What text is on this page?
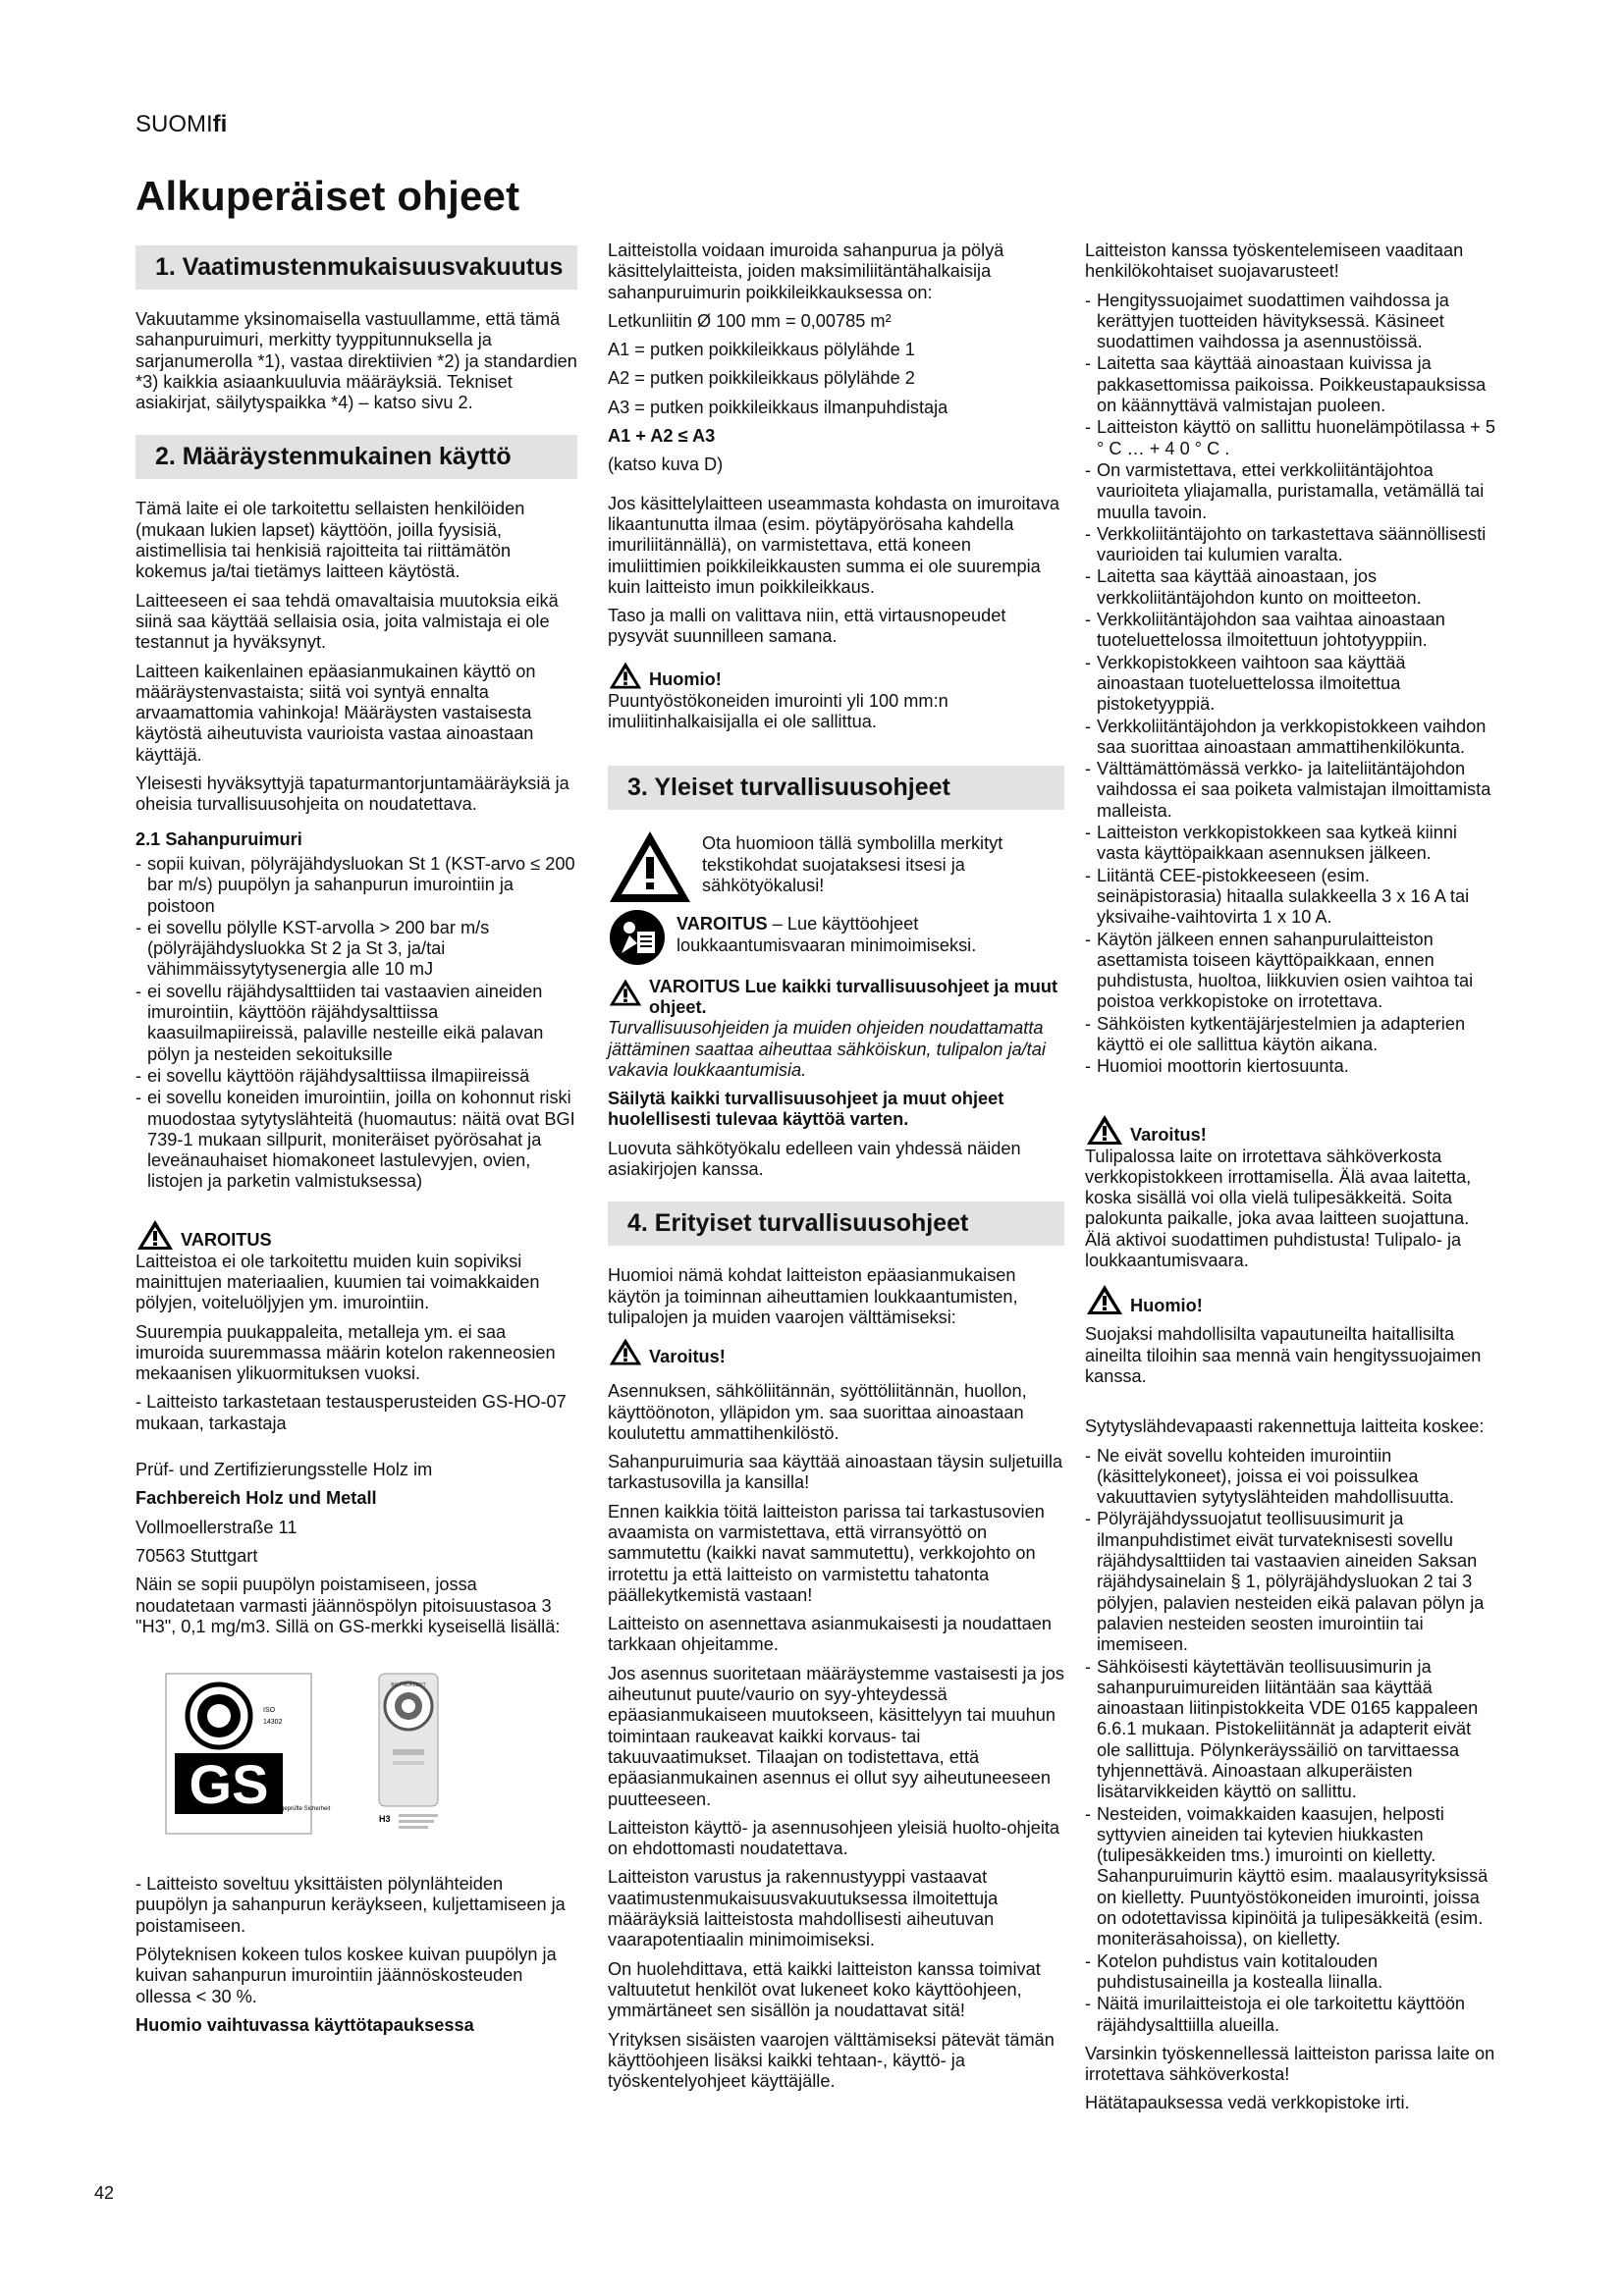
SUOMIfi
Alkuperäiset ohjeet
1. Vaatimustenmukaisuusvakuutus

Vakuutamme yksinomaisella vastuullamme, että tämä sahanpuruimuri, merkitty tyyppitunnuksella ja sarjanumerolla *1), vastaa direktiivien *2) ja standardien *3) kaikkia asiaankuuluvia määräyksiä. Tekniset asiakirjat, säilytyspaikka *4) – katso sivu 2.

2. Määräystenmukainen käyttö

Tämä laite ei ole tarkoitettu sellaisten henkilöiden (mukaan lukien lapset) käyttöön, joilla fyysisiä, aistimellisia tai henkisiä rajoitteita tai riittämätön kokemus ja/tai tietämys laitteen käytöstä.

Laitteeseen ei saa tehdä omavaltaisia muutoksia eikä siinä saa käyttää sellaisia osia, joita valmistaja ei ole testannut ja hyväksynyt.

Laitteen kaikenlainen epäasianmukainen käyttö on määräystenvastaista; siitä voi syntyä ennalta arvaamattomia vahinkoja! Määräysten vastaisesta käytöstä aiheutuvista vaurioista vastaa ainoastaan käyttäjä.

Yleisesti hyväksyttyjä tapaturmantorjuntamääräyksiä ja oheisia turvallisuusohjeita on noudatettava.

2.1 Sahanpuruimuri
- sopii kuivan, pölyräjähdysluokan St 1 (KST-arvo ≤ 200 bar m/s) puupölyn ja sahanpurun imurointiin ja poistoon
- ei sovellu pölylle KST-arvolla > 200 bar m/s (pölyräjähdysluokka St 2 ja St 3, ja/tai vähimmäissytytysenergia alle 10 mJ
- ei sovellu räjähdysalttiiden tai vastaavien aineiden imurointiin, käyttöön räjähdysalttiissa kaasuilmapiireissä, palaville nesteille eikä palavan pölyn ja nesteiden sekoituksille
- ei sovellu käyttöön räjähdysalttiissa ilmapiireissä
- ei sovellu koneiden imurointiin, joilla on kohonnut riski muodostaa sytytyslähteitä (huomautus: näitä ovat BGI 739-1 mukaan sillpurit, moniteräiset pyörösahat ja leveänauhaiset hiomakoneet lastulevyjen, ovien, listojen ja parketin valmistuksessa)
VAROITUS

Laitteistoa ei ole tarkoitettu muiden kuin sopiviksi mainittujen materiaalien, kuumien tai voimakkaiden pölyjen, voiteluöljyjen ym. imurointiin.

Suurempia puukappaleita, metalleja ym. ei saa imuroida suuremmassa määrin kotelon rakenneosien mekaanisen ylikuormituksen vuoksi.

- Laitteisto tarkastetaan testausperusteiden GS-HO-07 mukaan, tarkastaja

Prüf- und Zertifizierungsstelle Holz im

Fachbereich Holz und Metall

Vollmoellerstraße 11

70563 Stuttgart

Näin se sopii puupölyn poistamiseen, jossa noudatetaan varmasti jäännöspölyn pitoisuustasoa 3 "H3", 0,1 mg/m3. Sillä on GS-merkki kyseisellä lisällä:

GS
ISO
14302
geprüfte Sicherheit
BG-PRÜFZERT
H3

- Laitteisto soveltuu yksittäisten pölynlähteiden puupölyn ja sahanpurun keräykseen, kuljettamiseen ja poistamiseen.

Pölyteknisen kokeen tulos koskee kuivan puupölyn ja kuivan sahanpurun imurointiin jäännöskosteuden ollessa < 30 %.

Huomio vaihtuvassa käyttötapauksessa

Laitteistolla voidaan imuroida sahanpurua ja pölyä käsittelylaitteista, joiden maksimiliitäntähalkaisija sahanpuruimurin poikkileikkauksessa on:

Letkunliitin Ø 100 mm = 0,00785 m²

A1 = putken poikkileikkaus pölylähde 1

A2 = putken poikkileikkaus pölylähde 2

A3 = putken poikkileikkaus ilmanpuhdistaja

A1 + A2 ≤ A3

(katso kuva D)

Jos käsittelylaitteen useammasta kohdasta on imuroitava likaantunutta ilmaa (esim. pöytäpyörösaha kahdella imuriliitännällä), on varmistettava, että koneen imuliittimien poikkileikkausten summa ei ole suurempia kuin laitteisto imun poikkileikkaus.

Taso ja malli on valittava niin, että virtausnopeudet pysyvät suunnilleen samana.

Huomio!

Puuntyöstökoneiden imurointi yli 100 mm:n imuliitinhalkaisijalla ei ole sallittua.

3. Yleiset turvallisuusohjeet

Ota huomioon tällä symbolilla merkityt tekstikohdat suojataksesi itsesi ja sähkötyökalusi!

VAROITUS – Lue käyttöohjeet loukkaantumisvaaran minimoimiseksi.

VAROITUS Lue kaikki turvallisuusohjeet ja muut ohjeet.

Turvallisuusohjeiden ja muiden ohjeiden noudattamatta jättäminen saattaa aiheuttaa sähköiskun, tulipalon ja/tai vakavia loukkaantumisia.

Säilytä kaikki turvallisuusohjeet ja muut ohjeet huolellisesti tulevaa käyttöä varten.

Luovuta sähkötyökalu edelleen vain yhdessä näiden asiakirjojen kanssa.

4. Erityiset turvallisuusohjeet

Huomioi nämä kohdat laitteiston epäasianmukaisen käytön ja toiminnan aiheuttamien loukkaantumisten, tulipalojen ja muiden vaarojen välttämiseksi:

Varoitus!

Asennuksen, sähköliitännän, syöttöliitännän, huollon, käyttöönoton, ylläpidon ym. saa suorittaa ainoastaan koulutettu ammattihenkilöstö.

Sahanpuruimuria saa käyttää ainoastaan täysin suljetuilla tarkastusovilla ja kansilla!

Ennen kaikkia töitä laitteiston parissa tai tarkastusovien avaamista on varmistettava, että virransyöttö on sammutettu (kaikki navat sammutettu), verkkojohto on irrotettu ja että laitteisto on varmistettu tahatonta päällekytkemistä vastaan!

Laitteisto on asennettava asianmukaisesti ja noudattaen tarkkaan ohjeitamme.

Jos asennus suoritetaan määräystemme vastaisesti ja jos aiheutunut puute/vaurio on syy-yhteydessä epäasianmukaiseen muutokseen, käsittelyyn tai muuhun toimintaan raukeavat kaikki korvaus- tai takuuvaatimukset. Tilaajan on todistettava, että epäasianmukainen asennus ei ollut syy aiheutuneeseen puutteeseen.

Laitteiston käyttö- ja asennusohjeen yleisiä huolto-ohjeita on ehdottomasti noudatettava.

Laitteiston varustus ja rakennustyyppi vastaavat vaatimustenmukaisuusvakuutuksessa ilmoitettuja määräyksiä laitteistosta mahdollisesti aiheutuvan vaarapotentiaalin minimoimiseksi.

On huolehdittava, että kaikki laitteiston kanssa toimivat valtuutetut henkilöt ovat lukeneet koko käyttöohjeen, ymmärtäneet sen sisällön ja noudattavat sitä!

Yrityksen sisäisten vaarojen välttämiseksi pätevät tämän käyttöohjeen lisäksi kaikki tehtaan-, käyttö- ja työskentelyohjeet käyttäjälle.

Laitteiston kanssa työskentelemiseen vaaditaan henkilökohtaiset suojavarusteet!

- Hengityssuojaimet suodattimen vaihdossa ja kerättyjen tuotteiden hävityksessä. Käsineet suodattimen vaihdossa ja asennustöissä.
- Laitetta saa käyttää ainoastaan kuivissa ja pakkasettomissa paikoissa. Poikkeustapauksissa on käännyttävä valmistajan puoleen.
- Laitteiston käyttö on sallittu huonelämpötilassa + 5 ° C … + 4 0 ° C .
- On varmistettava, ettei verkkoliitäntäjohtoa vaurioiteta yliajamalla, puristamalla, vetämällä tai muulla tavoin.
- Verkkoliitäntäjohto on tarkastettava säännöllisesti vaurioiden tai kulumien varalta.
- Laitetta saa käyttää ainoastaan, jos verkkoliitäntäjohdon kunto on moitteeton.
- Verkkoliitäntäjohdon saa vaihtaa ainoastaan tuoteluettelossa ilmoitettuun johtotyyppiin.
- Verkkopistokkeen vaihtoon saa käyttää ainoastaan tuoteluettelossa ilmoitettua pistoketyyppiä.
- Verkkoliitäntäjohdon ja verkkopistokkeen vaihdon saa suorittaa ainoastaan ammattihenkilökunta.
- Välttämättömässä verkko- ja laiteliitäntäjohdon vaihdossa ei saa poiketa valmistajan ilmoittamista malleista.
- Laitteiston verkkopistokkeen saa kytkeä kiinni vasta käyttöpaikkaan asennuksen jälkeen.
- Liitäntä CEE-pistokkeeseen (esim. seinäpistorasia) hitaalla sulakkeella 3 x 16 A tai yksivaihe-vaihtovirta 1 x 10 A.
- Käytön jälkeen ennen sahanpurulaitteiston asettamista toiseen käyttöpaikkaan, ennen puhdistusta, huoltoa, liikkuvien osien vaihtoa tai poistoa verkkopistoke on irrotettava.
- Sähköisten kytkentäjärjestelmien ja adapterien käyttö ei ole sallittua käytön aikana.
- Huomioi moottorin kiertosuunta.
Varoitus!

Tulipalossa laite on irrotettava sähköverkosta verkkopistokkeen irrottamisella. Älä avaa laitetta, koska sisällä voi olla vielä tulipesäkkeitä. Soita palokunta paikalle, joka avaa laitteen suojattuna. Älä aktivoi suodattimen puhdistusta! Tulipalo- ja loukkaantumisvaara.

Huomio!

Suojaksi mahdollisilta vapautuneilta haitallisilta aineilta tiloihin saa mennä vain hengityssuojaimen kanssa.

Sytytyslähdevapaasti rakennettuja laitteita koskee:

- Ne eivät sovellu kohteiden imurointiin (käsittelykoneet), joissa ei voi poissulkea vakuuttavien sytytyslähteiden mahdollisuutta.
- Pölyräjähdyssuojatut teollisuusimurit ja ilmanpuhdistimet eivät turvateknisesti sovellu räjähdysalttiiden tai vastaavien aineiden Saksan räjähdysainelain § 1, pölyräjähdysluokan 2 tai 3 pölyjen, palavien nesteiden eikä palavan pölyn ja palavien nesteiden seosten imurointiin tai imemiseen.
- Sähköisesti käytettävän teollisuusimurin ja sahanpuruimureiden liitäntään saa käyttää ainoastaan liitinpistokkeita VDE 0165 kappaleen 6.6.1 mukaan. Pistokeliitännät ja adapterit eivät ole sallittuja. Pölynkeräyssäiliö on tarvittaessa tyhjennettävä. Ainoastaan alkuperäisten lisätarvikkeiden käyttö on sallittu.
- Nesteiden, voimakkaiden kaasujen, helposti syttyvien aineiden tai kytevien hiukkasten (tulipesäkkeiden tms.) imurointi on kielletty. Sahanpuruimurin käyttö esim. maalausyrityksissä on kielletty. Puuntyöstökoneiden imurointi, joissa on odotettavissa kipinöitä ja tulipesäkkeitä (esim. moniteräsahoissa), on kielletty.
- Kotelon puhdistus vain kotitalouden puhdistusaineilla ja kostealla liinalla.
- Näitä imurilaitteistoja ei ole tarkoitettu käyttöön räjähdysalttiilla alueilla.

Varsinkin työskennellessä laitteiston parissa laite on irrotettava sähköverkosta!

Hätätapauksessa vedä verkkopistoke irti.

42
